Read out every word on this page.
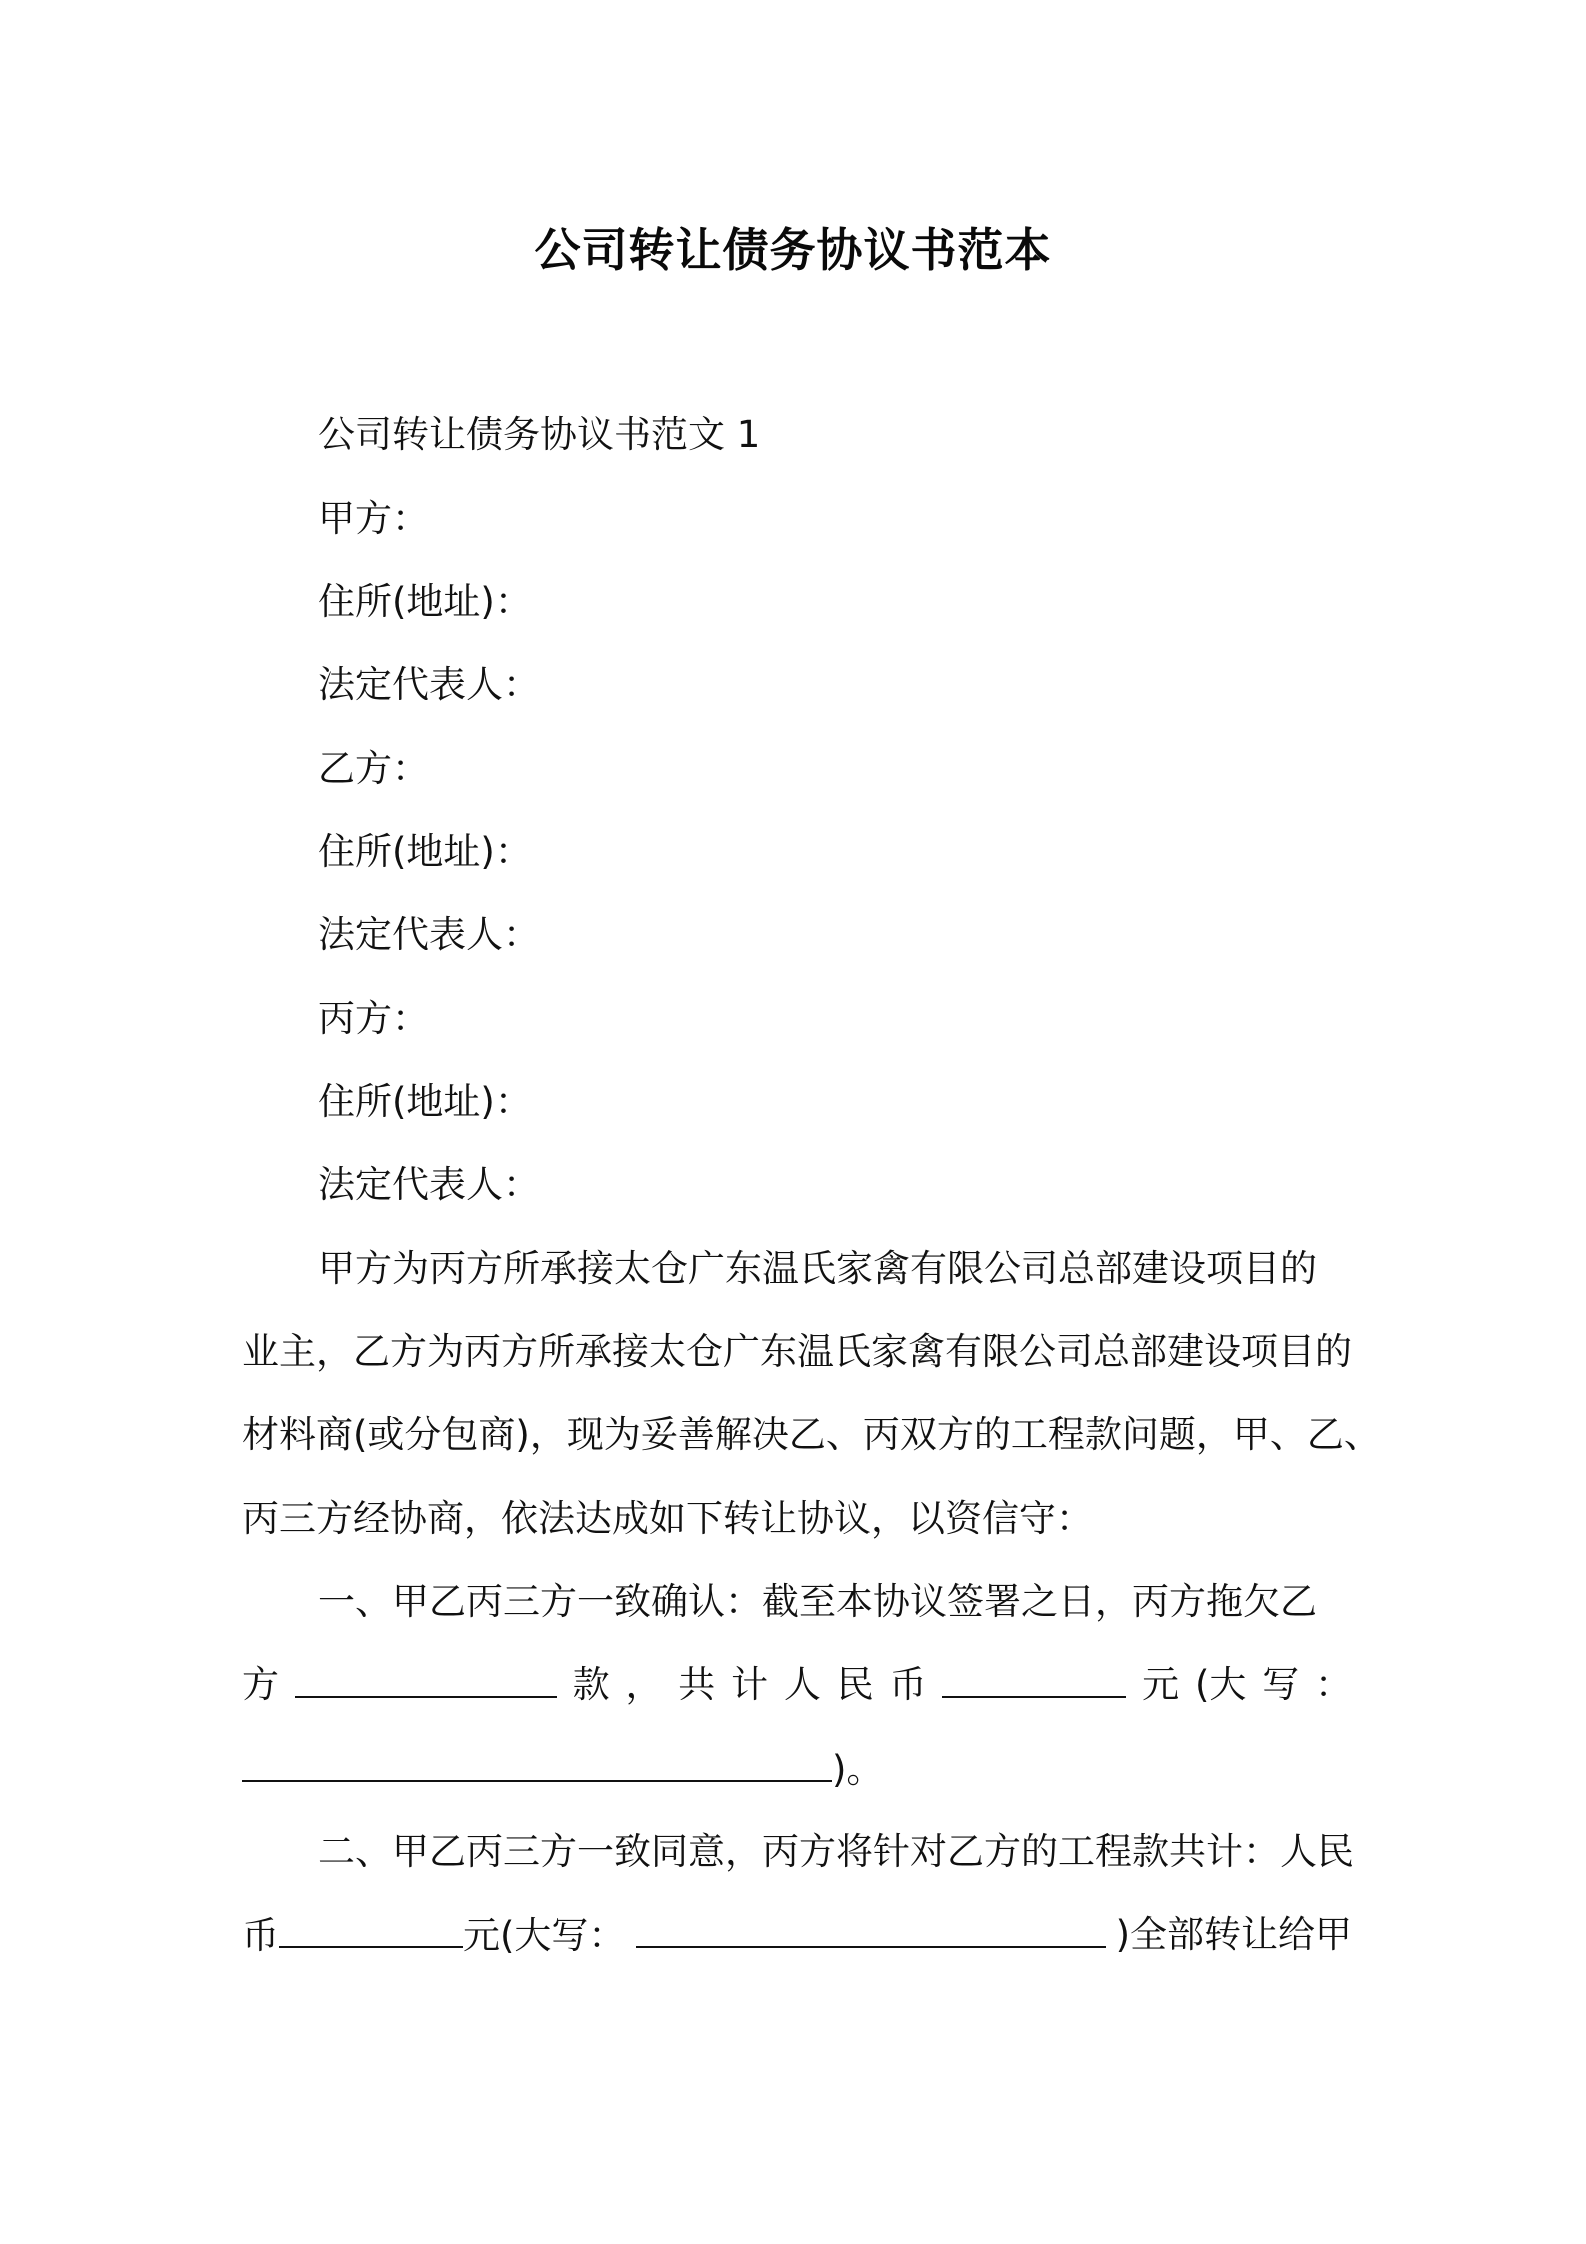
公司转让债务协议书范本
公司转让债务协议书范文 1
甲方：
住所(地址)：
法定代表人：
乙方：
住所(地址)：
法定代表人：
丙方：
住所(地址)：
法定代表人：
甲方为丙方所承接太仓广东温氏家禽有限公司总部建设项目的
业主，乙方为丙方所承接太仓广东温氏家禽有限公司总部建设项目的
材料商(或分包商)，现为妥善解决乙、丙双方的工程款问题，甲、乙、
丙三方经协商，依法达成如下转让协议，以资信守：
一、甲乙丙三方一致确认：截至本协议签署之日，丙方拖欠乙
方	款 ， 共 计 人 民 币	元 (大 写 ：
)。
二、甲乙丙三方一致同意，丙方将针对乙方的工程款共计：人民
币	元(大写：	)全部转让给甲
